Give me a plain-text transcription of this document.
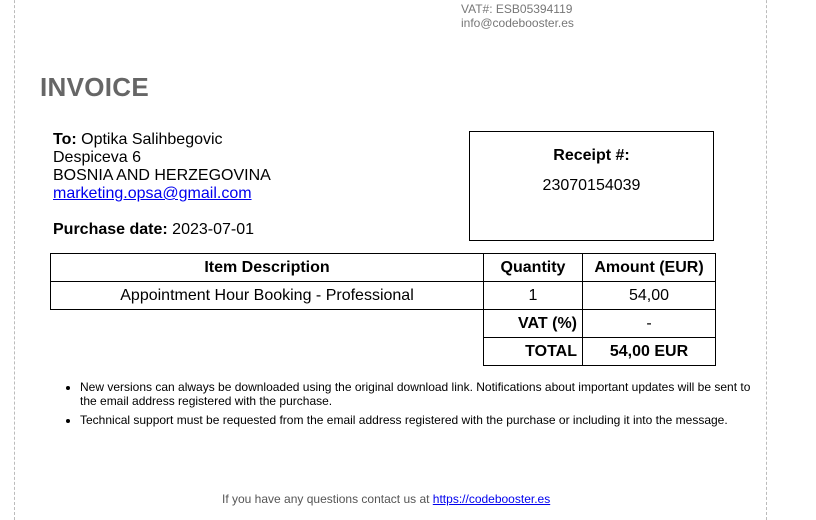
VAT#: ESB05394119
info@codebooster.es
INVOICE
To: Optika Salihbegovic
Despiceva 6
BOSNIA AND HERZEGOVINA
marketing.opsa@gmail.com
Purchase date: 2023-07-01
Receipt #:
23070154039
Item Description	Quantity	Amount (EUR)
Appointment Hour Booking - Professional	1	54,00
	VAT (%)	-
	TOTAL	54,00 EUR
• New versions can always be downloaded using the original download link. Notifications about important updates will be sent to the email address registered with the purchase.
• Technical support must be requested from the email address registered with the purchase or including it into the message.
If you have any questions contact us at https://codebooster.es
